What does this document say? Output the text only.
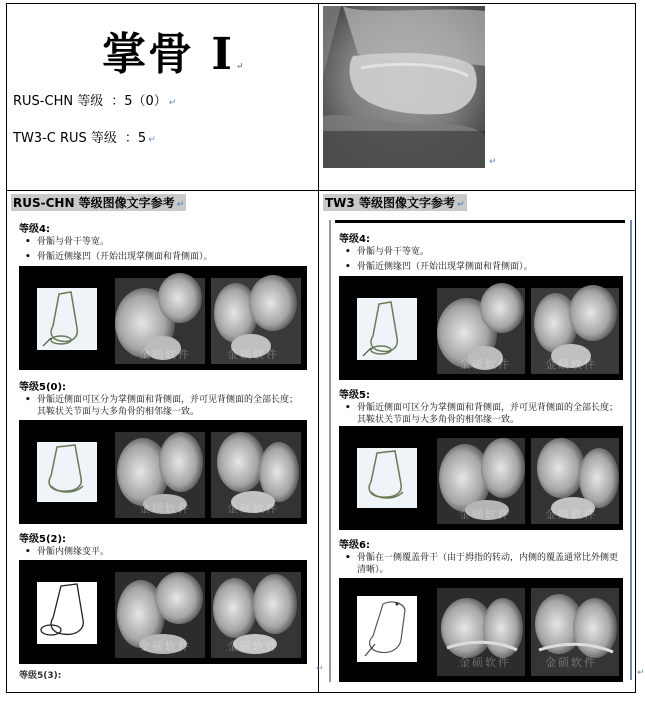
掌骨 I ↵
RUS-CHN 等级 ：5（0） ↵
TW3-C RUS 等级 ：5 ↵
↵
RUS-CHN 等级图像文字参考 ↵	TW3 等级图像文字参考 ↵
等级4:
• 骨骺与骨干等宽。
• 骨骺近侧缘凹（开始出现掌侧面和背侧面）。
金硕软件	金硕软件
等级5(0):
• 骨骺近侧面可区分为掌侧面和背侧面，并可见背侧面的全部长度；其鞍状关节面与大多角骨的相邻缘一致。
金硕软件	金硕软件
等级5(2):
• 骨骺内侧缘变平。
金硕软件	金硕软件
等级5(3):
↵
等级4:
• 骨骺与骨干等宽。
• 骨骺近侧缘凹（开始出现掌侧面和背侧面）。
金硕软件	金硕软件
等级5:
• 骨骺近侧面可区分为掌侧面和背侧面，并可见背侧面的全部长度；其鞍状关节面与大多角骨的相邻缘一致。
金硕软件	金硕软件
等级6:
• 骨骺在一侧覆盖骨干（由于拇指的转动，内侧的覆盖通常比外侧更清晰）。
金硕软件	金硕软件
↵
